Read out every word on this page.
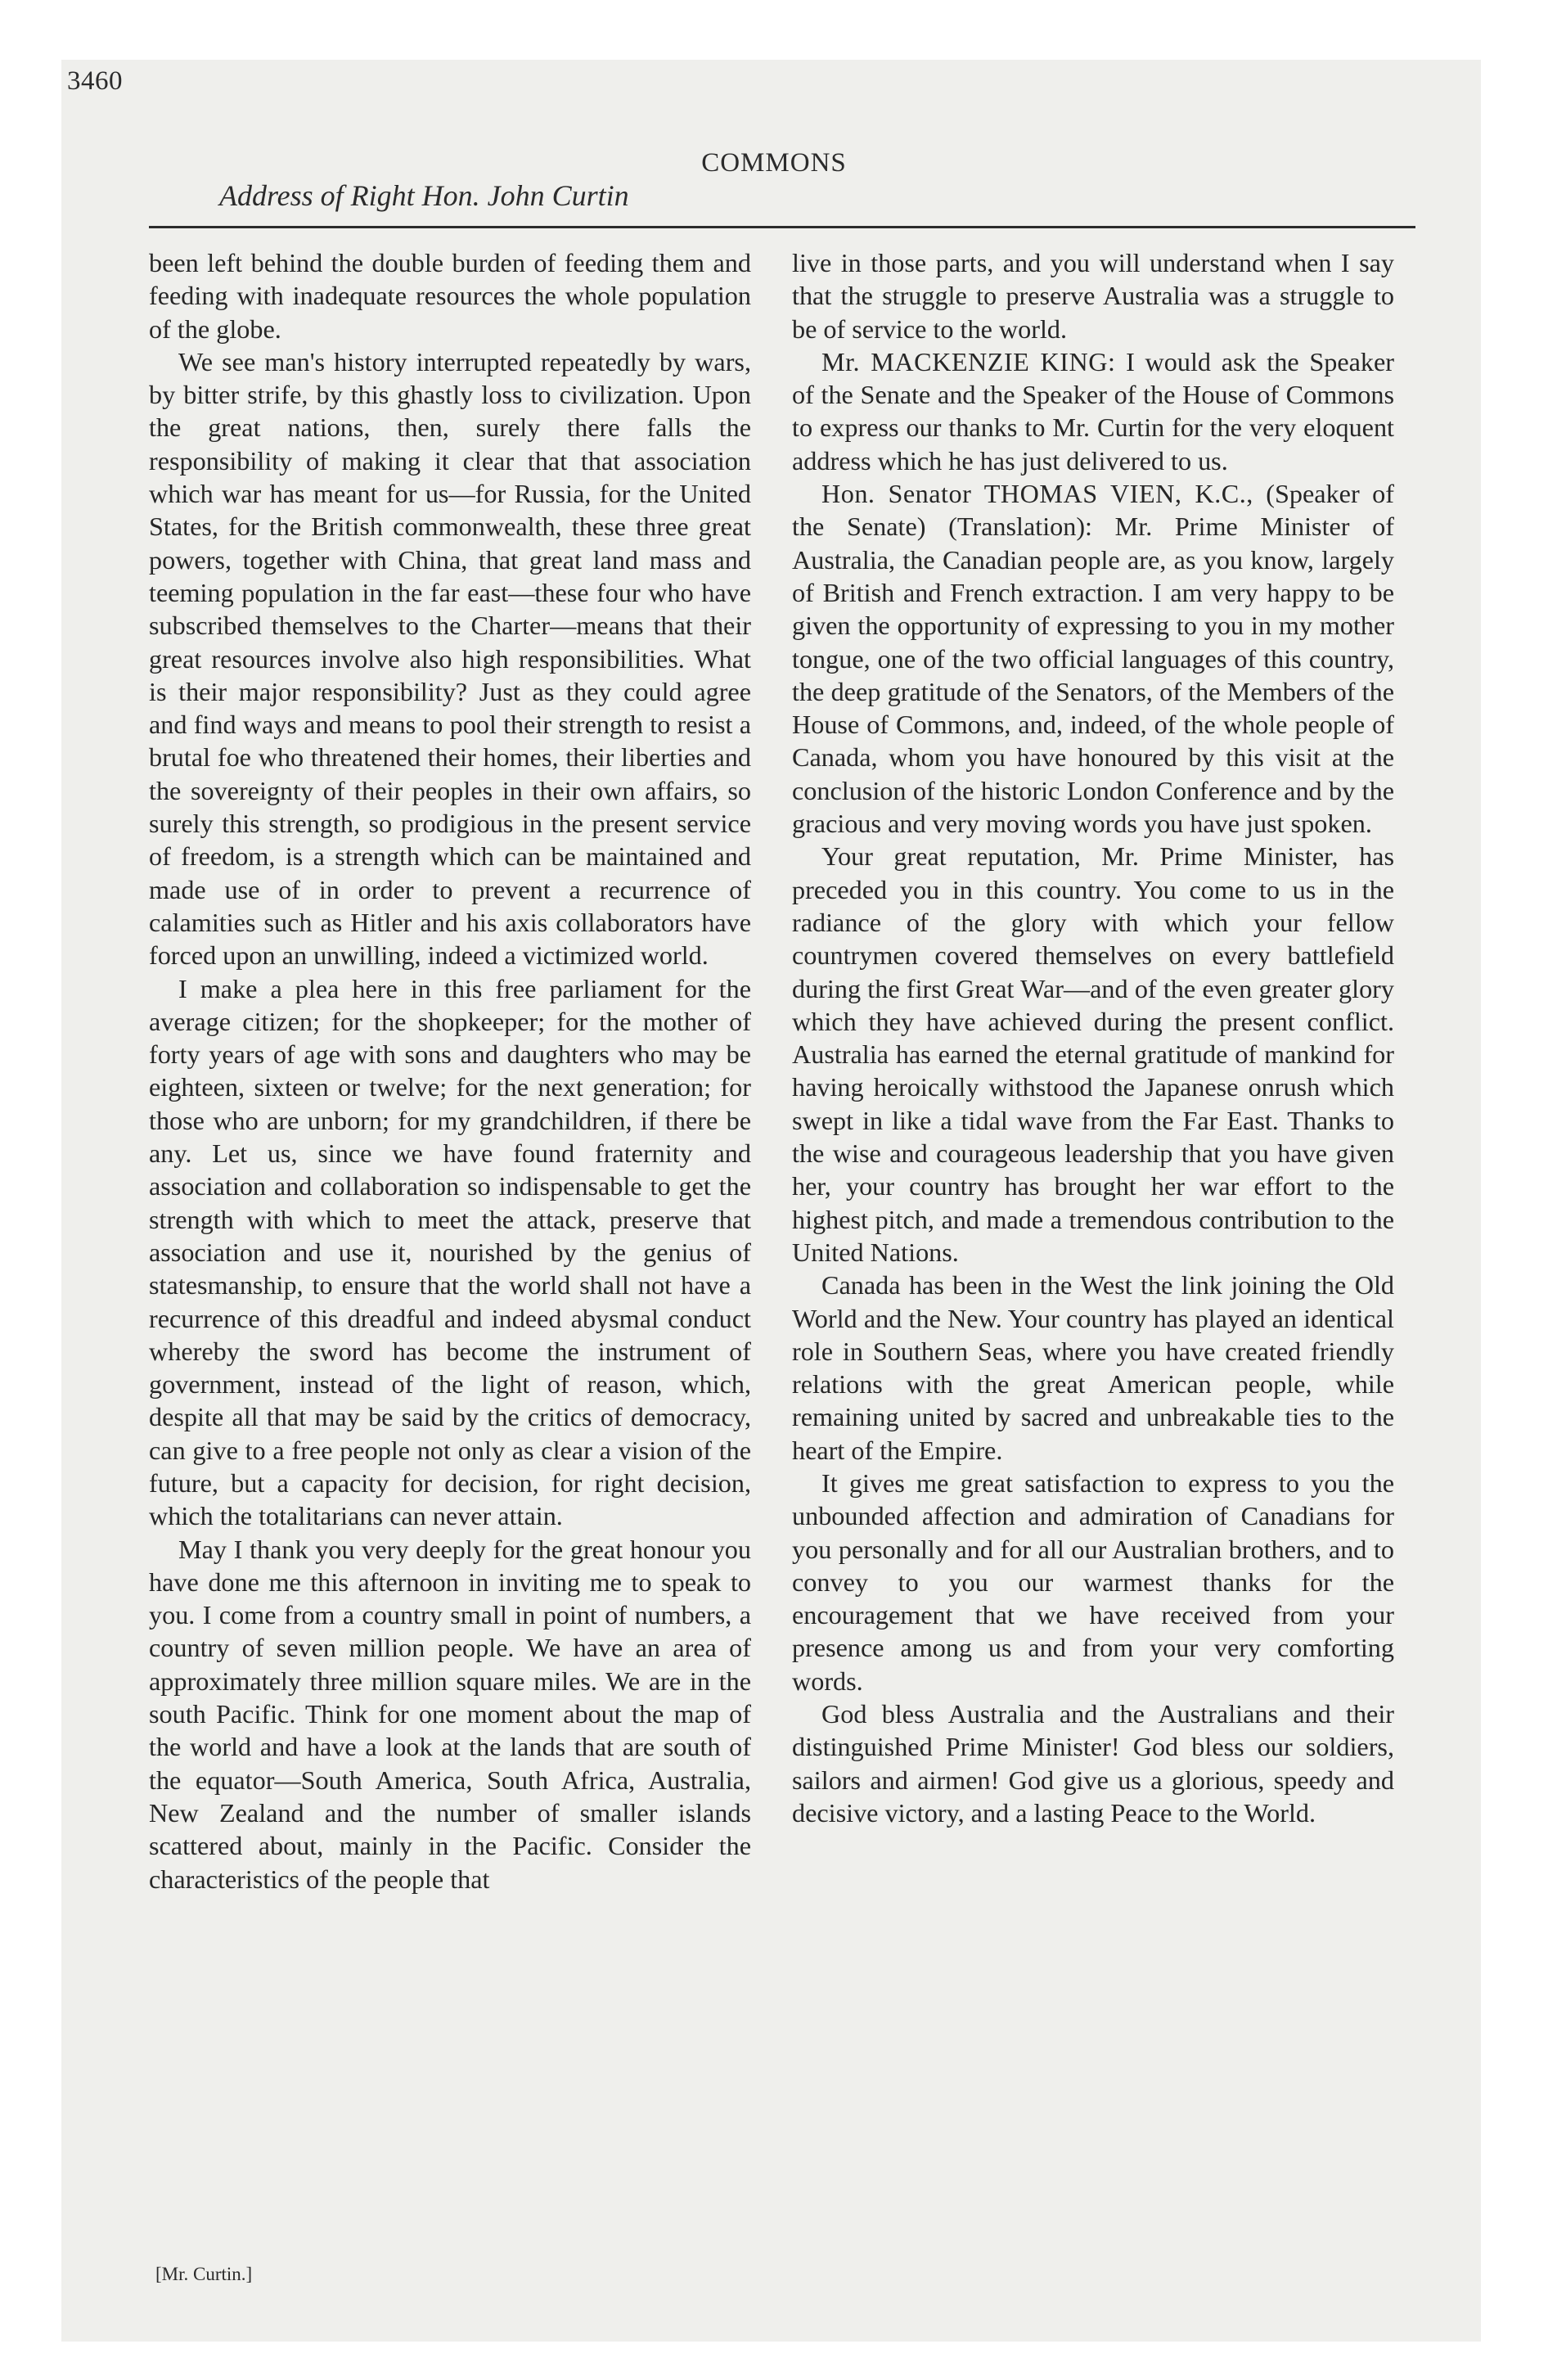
3460
COMMONS
Address of Right Hon. John Curtin

been left behind the double burden of feeding them and feeding with inadequate resources the whole population of the globe.

We see man's history interrupted repeatedly by wars, by bitter strife, by this ghastly loss to civilization. Upon the great nations, then, surely there falls the responsibility of making it clear that that association which war has meant for us—for Russia, for the United States, for the British commonwealth, these three great powers, together with China, that great land mass and teeming population in the far east—these four who have subscribed themselves to the Charter—means that their great resources involve also high responsibilities. What is their major responsibility? Just as they could agree and find ways and means to pool their strength to resist a brutal foe who threatened their homes, their liberties and the sovereignty of their peoples in their own affairs, so surely this strength, so prodigious in the present service of freedom, is a strength which can be maintained and made use of in order to prevent a recurrence of calamities such as Hitler and his axis collaborators have forced upon an unwilling, indeed a victimized world.

I make a plea here in this free parliament for the average citizen; for the shopkeeper; for the mother of forty years of age with sons and daughters who may be eighteen, sixteen or twelve; for the next generation; for those who are unborn; for my grandchildren, if there be any. Let us, since we have found fraternity and association and collaboration so indispensable to get the strength with which to meet the attack, preserve that association and use it, nourished by the genius of statesmanship, to ensure that the world shall not have a recurrence of this dreadful and indeed abysmal conduct whereby the sword has become the instrument of government, instead of the light of reason, which, despite all that may be said by the critics of democracy, can give to a free people not only as clear a vision of the future, but a capacity for decision, for right decision, which the totalitarians can never attain.

May I thank you very deeply for the great honour you have done me this afternoon in inviting me to speak to you. I come from a country small in point of numbers, a country of seven million people. We have an area of approximately three million square miles. We are in the south Pacific. Think for one moment about the map of the world and have a look at the lands that are south of the equator—South America, South Africa, Australia, New Zealand and the number of smaller islands scattered about, mainly in the Pacific. Consider the characteristics of the people that

live in those parts, and you will understand when I say that the struggle to preserve Australia was a struggle to be of service to the world.

Mr. MACKENZIE KING: I would ask the Speaker of the Senate and the Speaker of the House of Commons to express our thanks to Mr. Curtin for the very eloquent address which he has just delivered to us.

Hon. Senator THOMAS VIEN, K.C., (Speaker of the Senate) (Translation): Mr. Prime Minister of Australia, the Canadian people are, as you know, largely of British and French extraction. I am very happy to be given the opportunity of expressing to you in my mother tongue, one of the two official languages of this country, the deep gratitude of the Senators, of the Members of the House of Commons, and, indeed, of the whole people of Canada, whom you have honoured by this visit at the conclusion of the historic London Conference and by the gracious and very moving words you have just spoken.

Your great reputation, Mr. Prime Minister, has preceded you in this country. You come to us in the radiance of the glory with which your fellow countrymen covered themselves on every battlefield during the first Great War—and of the even greater glory which they have achieved during the present conflict. Australia has earned the eternal gratitude of mankind for having heroically withstood the Japanese onrush which swept in like a tidal wave from the Far East. Thanks to the wise and courageous leadership that you have given her, your country has brought her war effort to the highest pitch, and made a tremendous contribution to the United Nations.

Canada has been in the West the link joining the Old World and the New. Your country has played an identical role in Southern Seas, where you have created friendly relations with the great American people, while remaining united by sacred and unbreakable ties to the heart of the Empire.

It gives me great satisfaction to express to you the unbounded affection and admiration of Canadians for you personally and for all our Australian brothers, and to convey to you our warmest thanks for the encouragement that we have received from your presence among us and from your very comforting words.

God bless Australia and the Australians and their distinguished Prime Minister! God bless our soldiers, sailors and airmen! God give us a glorious, speedy and decisive victory, and a lasting Peace to the World.

[Mr. Curtin.]
